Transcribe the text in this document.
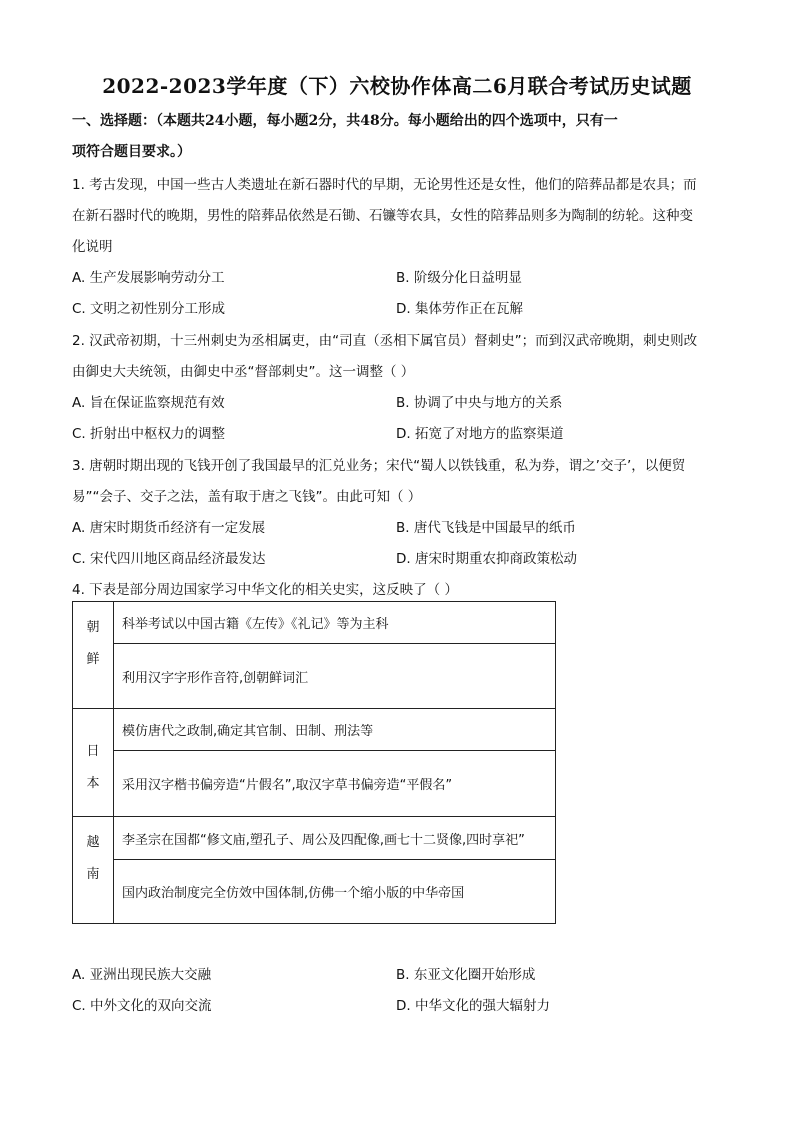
2022-2023学年度（下）六校协作体高二6月联合考试历史试题
一、选择题：（本题共24小题，每小题2分，共48分。每小题给出的四个选项中，只有一
项符合题目要求。）
1. 考古发现，中国一些古人类遗址在新石器时代的早期，无论男性还是女性，他们的陪葬品都是农具；而
在新石器时代的晚期，男性的陪葬品依然是石锄、石镰等农具，女性的陪葬品则多为陶制的纺轮。这种变
化说明
A. 生产发展影响劳动分工	B. 阶级分化日益明显
C. 文明之初性别分工形成	D. 集体劳作正在瓦解
2. 汉武帝初期，十三州刺史为丞相属吏，由“司直（丞相下属官员）督刺史”；而到汉武帝晚期，刺史则改
由御史大夫统领，由御史中丞“督部刺史”。这一调整（ ）
A. 旨在保证监察规范有效	B. 协调了中央与地方的关系
C. 折射出中枢权力的调整	D. 拓宽了对地方的监察渠道
3. 唐朝时期出现的飞钱开创了我国最早的汇兑业务；宋代“蜀人以铁钱重，私为券，谓之’交子’，以便贸
易”“会子、交子之法，盖有取于唐之飞钱”。由此可知（ ）
A. 唐宋时期货币经济有一定发展	B. 唐代飞钱是中国最早的纸币
C. 宋代四川地区商品经济最发达	D. 唐宋时期重农抑商政策松动
4. 下表是部分周边国家学习中华文化的相关史实，这反映了（ ）
朝
鲜	科举考试以中国古籍《左传》《礼记》等为主科
	利用汉字字形作音符,创朝鲜词汇

日
本	模仿唐代之政制,确定其官制、田制、刑法等
	采用汉字楷书偏旁造“片假名”,取汉字草书偏旁造“平假名”

越
南	李圣宗在国都“修文庙,塑孔子、周公及四配像,画七十二贤像,四时享祀”
	国内政治制度完全仿效中国体制,仿佛一个缩小版的中华帝国
A. 亚洲出现民族大交融	B. 东亚文化圈开始形成
C. 中外文化的双向交流	D. 中华文化的强大辐射力
